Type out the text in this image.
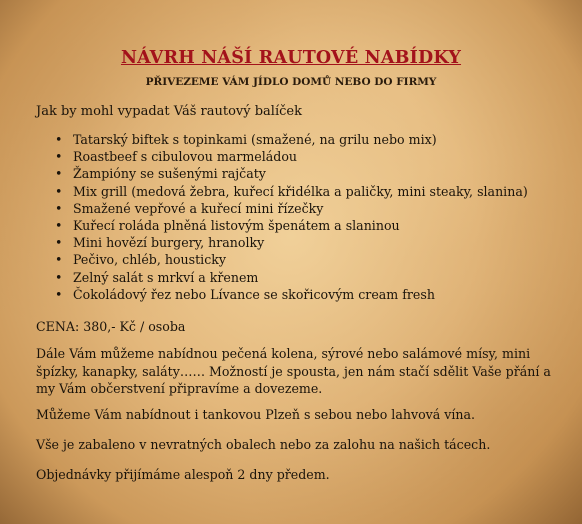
NÁVRH NÁŠÍ RAUTOVÉ NABÍDKY
PŘIVEZEME VÁM JÍDLO DOMŮ NEBO DO FIRMY
Jak by mohl vypadat Váš rautový balíček
• Tatarský biftek s topinkami (smažené, na grilu nebo mix)
• Roastbeef s cibulovou marmeládou
• Žampióny se sušenými rajčaty
• Mix grill (medová žebra, kuřecí křidélka a paličky, mini steaky, slanina)
• Smažené vepřové a kuřecí mini řízečky
• Kuřecí roláda plněná listovým špenátem a slaninou
• Mini hovězí burgery, hranolky
• Pečivo, chléb, housticky
• Zelný salát s mrkví a křenem
• Čokoládový řez nebo Lívance se skořicovým cream fresh

CENA: 380,- Kč / osoba

Dále Vám můžeme nabídnou pečená kolena, sýrové nebo salámové mísy, mini špízky, kanapky, saláty…… Možností je spousta, jen nám stačí sdělit Vaše přání a my Vám občerstvení připravíme a dovezeme.

Můžeme Vám nabídnout i tankovou Plzeň s sebou nebo lahvová vína.

Vše je zabaleno v nevratných obalech nebo za zalohu na našich tácech.

Objednávky přijímáme alespoň 2 dny předem.
